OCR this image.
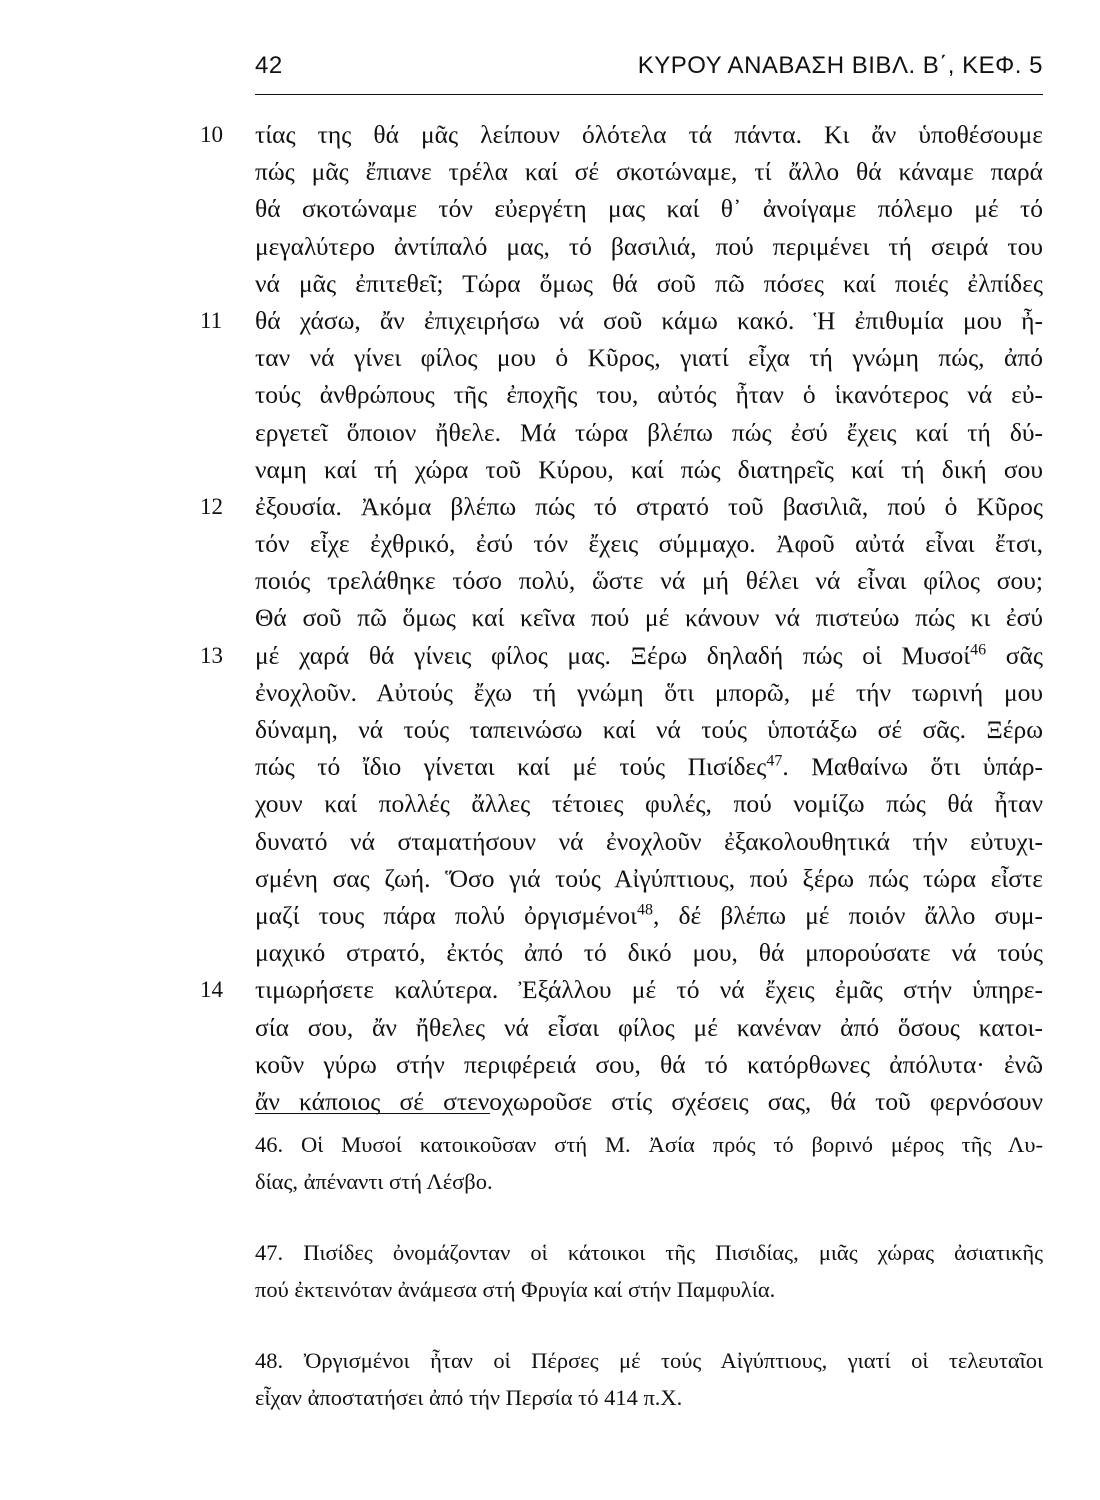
42	ΚΥΡΟΥ ΑΝΑΒΑΣΗ ΒΙΒΛ. Β΄, ΚΕΦ. 5
10	τίας της θά μᾶς λείπουν όλότελα τά πάντα. Κι ἄν ὑποθέσουμε
πώς μᾶς ἔπιανε τρέλα καί σέ σκοτώναμε, τί ἄλλο θά κάναμε παρά
θά σκοτώναμε τόν εὐεργέτη μας καί θ᾽ ἀνοίγαμε πόλεμο μέ τό
μεγαλύτερο ἀντίπαλό μας, τό βασιλιά, πού περιμένει τή σειρά του
νά μᾶς ἐπιτεθεῖ; Τώρα ὅμως θά σοῦ πῶ πόσες καί ποιές ἐλπίδες
11	θά χάσω, ἄν ἐπιχειρήσω νά σοῦ κάμω κακό. Ἡ ἐπιθυμία μου ἦ-
ταν νά γίνει φίλος μου ὁ Κῦρος, γιατί εἶχα τή γνώμη πώς, ἀπό
τούς ἀνθρώπους τῆς ἐποχῆς του, αὐτός ἦταν ὁ ἱκανότερος νά εὐ-
εργετεῖ ὅποιον ἤθελε. Μά τώρα βλέπω πώς ἐσύ ἔχεις καί τή δύ-
ναμη καί τή χώρα τοῦ Κύρου, καί πώς διατηρεῖς καί τή δική σου
12	ἐξουσία. Ἀκόμα βλέπω πώς τό στρατό τοῦ βασιλιᾶ, πού ὁ Κῦρος
τόν εἶχε ἐχθρικό, ἐσύ τόν ἔχεις σύμμαχο. Ἀφοῦ αὐτά εἶναι ἔτσι,
ποιός τρελάθηκε τόσο πολύ, ὥστε νά μή θέλει νά εἶναι φίλος σου;
Θά σοῦ πῶ ὅμως καί κεῖνα πού μέ κάνουν νά πιστεύω πώς κι ἐσύ
13	μέ χαρά θά γίνεις φίλος μας. Ξέρω δηλαδή πώς οἱ Μυσοί$^{46}$ σᾶς
ἐνοχλοῦν. Αὐτούς ἔχω τή γνώμη ὅτι μπορῶ, μέ τήν τωρινή μου
δύναμη, νά τούς ταπεινώσω καί νά τούς ὑποτάξω σέ σᾶς. Ξέρω
πώς τό ἴδιο γίνεται καί μέ τούς Πισίδες$^{47}$. Μαθαίνω ὅτι ὑπάρ-
χουν καί πολλές ἄλλες τέτοιες φυλές, πού νομίζω πώς θά ἦταν
δυνατό νά σταματήσουν νά ἐνοχλοῦν ἐξακολουθητικά τήν εὐτυχι-
σμένη σας ζωή. Ὅσο γιά τούς Αἰγύπτιους, πού ξέρω πώς τώρα εἶστε
μαζί τους πάρα πολύ ὀργισμένοι$^{48}$, δέ βλέπω μέ ποιόν ἄλλο συμ-
μαχικό στρατό, ἐκτός ἀπό τό δικό μου, θά μπορούσατε νά τούς
14	τιμωρήσετε καλύτερα. Ἐξάλλου μέ τό νά ἔχεις ἐμᾶς στήν ὑπηρε-
σία σου, ἄν ἤθελες νά εἶσαι φίλος μέ κανέναν ἀπό ὅσους κατοι-
κοῦν γύρω στήν περιφέρειά σου, θά τό κατόρθωνες ἀπόλυτα· ἐνῶ
ἄν κάποιος σέ στενοχωροῦσε στίς σχέσεις σας, θά τοῦ φερνόσουν
46. Οἱ Μυσοί κατοικοῦσαν στή Μ. Ἀσία πρός τό βορινό μέρος τῆς Λυ-
δίας, ἀπέναντι στή Λέσβο.
47. Πισίδες ὀνομάζονταν οἱ κάτοικοι τῆς Πισιδίας, μιᾶς χώρας ἀσιατικῆς
πού ἐκτεινόταν ἀνάμεσα στή Φρυγία καί στήν Παμφυλία.
48. Ὀργισμένοι ἦταν οἱ Πέρσες μέ τούς Αἰγύπτιους, γιατί οἱ τελευταῖοι
εἶχαν ἀποστατήσει ἀπό τήν Περσία τό 414 π.Χ.
